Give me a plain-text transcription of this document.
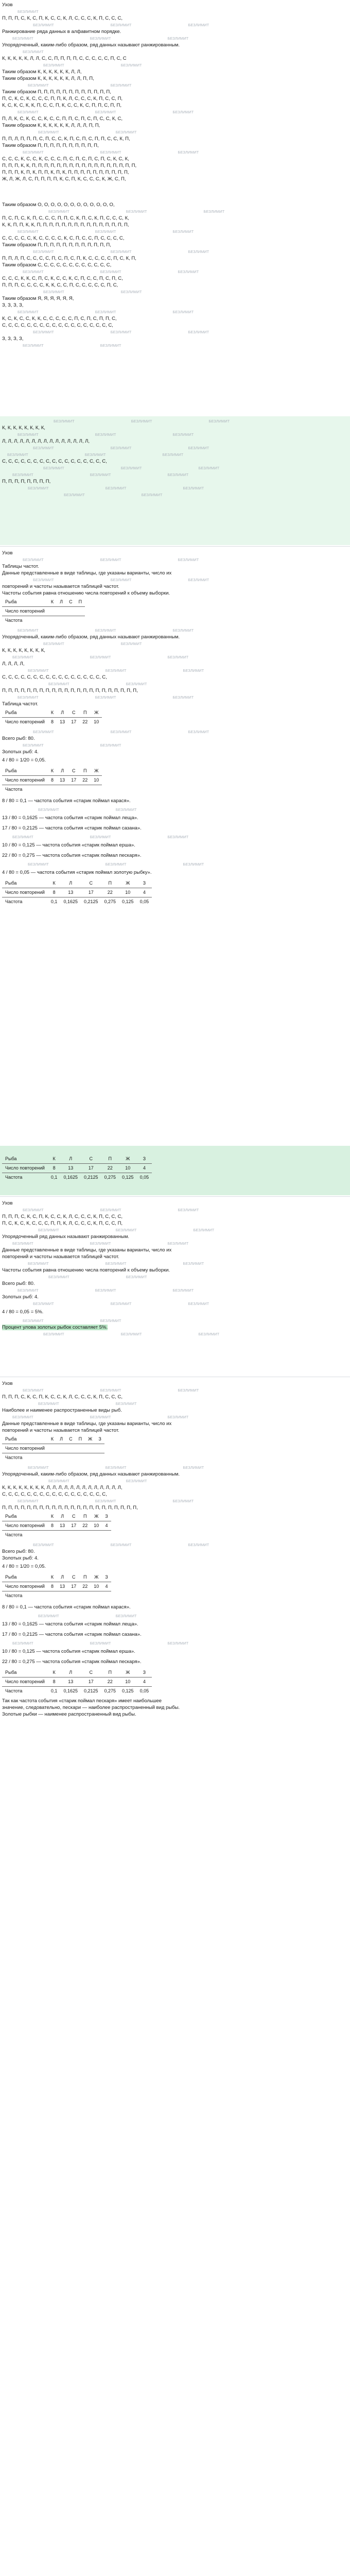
Ухов
БЕЗЛИМИТ
П, П, П, С, К, С, П, К, С, С, К, Л, С, С, С, К, П, С, С, С,
БЕЗЛИМИТ	БЕЗЛИМИТ	БЕЗЛИМИТ
Ранжирование ряда данных в алфавитном порядке.
БЕЗЛИМИТ	БЕЗЛИМИТ	БЕЗЛИМИТ
Упорядоченный, каким-либо образом, ряд данных называют ранжированным.
БЕЗЛИМИТ
К, К, К, К, К, Л, Л, С, С, П, П, П, П, С, С, С, С, С, П, С, С
БЕЗЛИМИТ	БЕЗЛИМИТ
Таким образом К, К, К, К, К, К, Л, Л,
Таким образом К, К, К, К, К, К, Л, Л, П, П,
БЕЗЛИМИТ	БЕЗЛИМИТ
Таким образом П, П, П, П, П, П, П, П, П, П, П, П,
П, С, К, С, К, С, С, С, П, П, К, Л, С, С, С, К, П, С, С, П,
К, С, К, С, К, К, П, С, С, П, К, С, С, К, С, П, П, С, П, П,
БЕЗЛИМИТ	БЕЗЛИМИТ	БЕЗЛИМИТ
П, Л, К, С, К, С, С, К, С, С, П, П, С, П, С, П, С, С, К, С,
Таким образом К, К, К, К, К, К, Л, Л, Л, П, П,
БЕЗЛИМИТ	БЕЗЛИМИТ
П, П, Л, П, П, П, С, П, С, С, К, П, С, П, С, П, П, С, С, К, П,
Таким образом П, П, П, П, П, П, П, П, П, П,
БЕЗЛИМИТ	БЕЗЛИМИТ	БЕЗЛИМИТ
С, С, С, К, С, С, К, С, С, С, П, С, П, С, П, С, П, С, К, С, К,
П, П, П, К, К, П, П, П, П, П, П, П, П, П, П, П, П, П, П, П, П, П,
П, П, П, К, П, К, П, П, К, П, К, П, П, П, П, П, П, П, П, П, П,
Ж, Л, Ж, Л, С, П, П, П, П, К, С, П, К, С, С, С, К, Ж, С, П,
Таким образом О, О, О, О, О, О, О, О, О, О, О, О,
БЕЗЛИМИТ	БЕЗЛИМИТ	БЕЗЛИМИТ
П, С, П, С, К, П, С, С, С, П, П, С, К, П, С, К, П, С, С, С, К,
К, К, П, П, К, К, П, П, П, П, П, П, П, П, П, П, П, П, П, П, П,
БЕЗЛИМИТ	БЕЗЛИМИТ	БЕЗЛИМИТ
С, С, С, С, С, К, С, С, С, С, К, С, П, С, С, П, С, С, С, С,
Таким образом П, П, П, П, П, П, П, П, П, П, П, П,
БЕЗЛИМИТ	БЕЗЛИМИТ	БЕЗЛИМИТ
П, П, Л, П, С, С, С, С, П, С, П, С, П, К, С, С, С, С, П, С, К, П,
Таким образом С, С, С, С, С, С, С, С, С, С, С, С,
БЕЗЛИМИТ	БЕЗЛИМИТ	БЕЗЛИМИТ
С, С, С, К, К, С, П, С, К, С, С, К, С, П, С, С, П, С, П, С,
П, П, П, С, С, С, С, К, К, С, С, П, С, С, С, С, С, П, С,
БЕЗЛИМИТ	БЕЗЛИМИТ
Таким образом Я, Я, Я, Я, Я, Я,
З, З, З, З,
БЕЗЛИМИТ	БЕЗЛИМИТ	БЕЗЛИМИТ
К, С, К, С, С, К, К, С, С, С, С, С, П, С, П, С, П, П, С,
С, С, С, С, С, С, С, С, С, С, С, С, С, С, С, С, С, С,
БЕЗЛИМИТ	БЕЗЛИМИТ	БЕЗЛИМИТ
З, З, З, З,
БЕЗЛИМИТ	БЕЗЛИМИТ
БЕЗЛИМИТ	БЕЗЛИМИТ	БЕЗЛИМИТ
К, К, К, К, К, К, К, К,
БЕЗЛИМИТ	БЕЗЛИМИТ	БЕЗЛИМИТ
Л, Л, Л, Л, Л, Л, Л, Л, Л, Л, Л, Л, Л, Л, Л,
БЕЗЛИМИТ	БЕЗЛИМИТ	БЕЗЛИМИТ
БЕЗЛИМИТ	БЕЗЛИМИТ	БЕЗЛИМИТ
С, С, С, С, С, С, С, С, С, С, С, С, С, С, С, С, С,
БЕЗЛИМИТ	БЕЗЛИМИТ	БЕЗЛИМИТ
БЕЗЛИМИТ	БЕЗЛИМИТ	БЕЗЛИМИТ
П, П, П, П, П, П, П, П,
БЕЗЛИМИТ	БЕЗЛИМИТ	БЕЗЛИМИТ
БЕЗЛИМИТ	БЕЗЛИМИТ
Ухов
БЕЗЛИМИТ	БЕЗЛИМИТ	БЕЗЛИМИТ
Таблицы частот.
Данные представленные в виде таблицы, где указаны варианты, число их
БЕЗЛИМИТ	БЕЗЛИМИТ	БЕЗЛИМИТ
повторений и частоты называется таблицей частот.
Частоты события равна отношению числа повторений к объему выборки.
Рыба	К	Л	С	П
Число повторений				
Частота				
БЕЗЛИМИТ	БЕЗЛИМИТ	БЕЗЛИМИТ
Упорядоченный, каким-либо образом, ряд данных называют ранжированным.
БЕЗЛИМИТ	БЕЗЛИМИТ
К, К, К, К, К, К, К, К,
БЕЗЛИМИТ	БЕЗЛИМИТ	БЕЗЛИМИТ
Л, Л, Л, Л,
БЕЗЛИМИТ	БЕЗЛИМИТ	БЕЗЛИМИТ
С, С, С, С, С, С, С, С, С, С, С, С, С, С, С, С, С,
БЕЗЛИМИТ	БЕЗЛИМИТ
П, П, П, П, П, П, П, П, П, П, П, П, П, П, П, П, П, П, П, П, П, П,
БЕЗЛИМИТ	БЕЗЛИМИТ	БЕЗЛИМИТ
Таблица частот.
Рыба	К	Л	С	П	Ж
Число повторений	8	13	17	22	10
БЕЗЛИМИТ	БЕЗЛИМИТ	БЕЗЛИМИТ
Всего рыб: 80.
БЕЗЛИМИТ	БЕЗЛИМИТ
Золотых рыб: 4.
4 / 80 = 1/20 = 0,05.
Рыба	К	Л	С	П	Ж
Число повторений	8	13	17	22	10
Частота					
8 / 80 = 0,1 — частота события «старик поймал карася».
БЕЗЛИМИТ	БЕЗЛИМИТ
13 / 80 = 0,1625 — частота события «старик поймал леща».
17 / 80 = 0,2125 — частота события «старик поймал сазана».
БЕЗЛИМИТ	БЕЗЛИМИТ	БЕЗЛИМИТ
10 / 80 = 0,125 — частота события «старик поймал ерша».
22 / 80 = 0,275 — частота события «старик поймал пескаря».
БЕЗЛИМИТ	БЕЗЛИМИТ	БЕЗЛИМИТ
4 / 80 = 0,05 — частота события «старик поймал золотую рыбку».
Рыба	К	Л	С	П	Ж	З
Число повторений	8	13	17	22	10	4
Частота	0,1	0,1625	0,2125	0,275	0,125	0,05
Рыба	К	Л	С	П	Ж	З
Число повторений	8	13	17	22	10	4
Частота	0,1	0,1625	0,2125	0,275	0,125	0,05
Ухов
БЕЗЛИМИТ	БЕЗЛИМИТ	БЕЗЛИМИТ
П, П, П, С, К, С, П, К, С, С, К, Л, С, С, С, К, П, С, С, С,
П, С, К, С, К, С, С, С, П, П, К, Л, С, С, С, К, П, С, С, П,
БЕЗЛИМИТ	БЕЗЛИМИТ	БЕЗЛИМИТ
Упорядоченный ряд данных называют ранжированным.
БЕЗЛИМИТ	БЕЗЛИМИТ	БЕЗЛИМИТ
Данные представленные в виде таблицы, где указаны варианты, число их
повторений и частоты называется таблицей частот.
БЕЗЛИМИТ	БЕЗЛИМИТ	БЕЗЛИМИТ
Частоты события равна отношению числа повторений к объему выборки.
БЕЗЛИМИТ	БЕЗЛИМИТ
Всего рыб: 80.
БЕЗЛИМИТ	БЕЗЛИМИТ	БЕЗЛИМИТ
Золотых рыб: 4.
БЕЗЛИМИТ	БЕЗЛИМИТ	БЕЗЛИМИТ
4 / 80 = 0,05 = 5%.
БЕЗЛИМИТ	БЕЗЛИМИТ
Процент улова золотых рыбок составляет 5%.
БЕЗЛИМИТ	БЕЗЛИМИТ	БЕЗЛИМИТ
Ухов
БЕЗЛИМИТ	БЕЗЛИМИТ	БЕЗЛИМИТ
П, П, П, С, К, С, П, К, С, С, К, Л, С, С, С, К, П, С, С, С,
БЕЗЛИМИТ	БЕЗЛИМИТ
Наиболее и наименее распространенные виды рыб.
БЕЗЛИМИТ	БЕЗЛИМИТ	БЕЗЛИМИТ
Данные представленные в виде таблицы, где указаны варианты, число их
повторений и частоты называется таблицей частот.
Рыба	К	Л	С	П	Ж	З
Число повторений						
Частота						
БЕЗЛИМИТ	БЕЗЛИМИТ	БЕЗЛИМИТ
Упорядоченный, каким-либо образом, ряд данных называют ранжированным.
БЕЗЛИМИТ	БЕЗЛИМИТ
К, К, К, К, К, К, К, К, Л, Л, Л, Л, Л, Л, Л, Л, Л, Л, Л, Л, Л,
С, С, С, С, С, С, С, С, С, С, С, С, С, С, С, С, С,
БЕЗЛИМИТ	БЕЗЛИМИТ	БЕЗЛИМИТ
П, П, П, П, П, П, П, П, П, П, П, П, П, П, П, П, П, П, П, П, П, П,
Рыба	К	Л	С	П	Ж	З
Число повторений	8	13	17	22	10	4
Частота						
БЕЗЛИМИТ	БЕЗЛИМИТ	БЕЗЛИМИТ
Всего рыб: 80.
Золотых рыб: 4.
4 / 80 = 1/20 = 0,05.
Рыба	К	Л	С	П	Ж	З
Число повторений	8	13	17	22	10	4
Частота						
8 / 80 = 0,1 — частота события «старик поймал карася».
БЕЗЛИМИТ	БЕЗЛИМИТ
13 / 80 = 0,1625 — частота события «старик поймал леща».
17 / 80 = 0,2125 — частота события «старик поймал сазана».
БЕЗЛИМИТ	БЕЗЛИМИТ	БЕЗЛИМИТ
10 / 80 = 0,125 — частота события «старик поймал ерша».
22 / 80 = 0,275 — частота события «старик поймал пескаря».
Рыба	К	Л	С	П	Ж	З
Число повторений	8	13	17	22	10	4
Частота	0,1	0,1625	0,2125	0,275	0,125	0,05
Так как частота события «старик поймал пескаря» имеет наибольшее
значение, следовательно, пескари — наиболее распространенный вид рыбы.
Золотые рыбки — наименее распространенный вид рыбы.
